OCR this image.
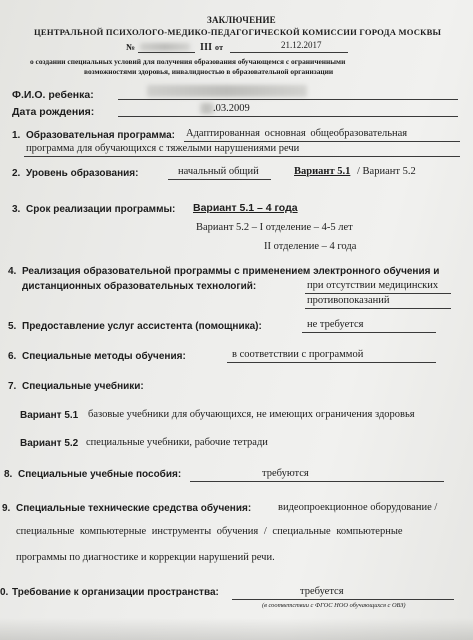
ЗАКЛЮЧЕНИЕ
ЦЕНТРАЛЬНОЙ ПСИХОЛОГО-МЕДИКО-ПЕДАГОГИЧЕСКОЙ КОМИССИИ ГОРОДА МОСКВЫ
№	III от	21.12.2017
о создании специальных условий для получения образования обучающемся с ограниченными
возможностями здоровья, инвалидностью в образовательной организации
Ф.И.О. ребенка:
Дата рождения:	.03.2009
1. Образовательная программа: Адаптированная основная общеобразовательная
программа для обучающихся с тяжелыми нарушениями речи
2. Уровень образования:	начальный общий	Вариант 5.1 / Вариант 5.2
3. Срок реализации программы: Вариант 5.1 – 4 года
Вариант 5.2 – I отделение – 4-5 лет
II отделение – 4 года
4. Реализация образовательной программы с применением электронного обучения и
дистанционных образовательных технологий:	при отсутствии медицинских
противопоказаний
5. Предоставление услуг ассистента (помощника):	не требуется
6. Специальные методы обучения:	в соответствии с программой
7. Специальные учебники:
Вариант 5.1 базовые учебники для обучающихся, не имеющих ограничения здоровья
Вариант 5.2 специальные учебники, рабочие тетради
8. Специальные учебные пособия:	требуются
9. Специальные технические средства обучения:	видеопроекционное оборудование /
специальные компьютерные инструменты обучения / специальные компьютерные
программы по диагностике и коррекции нарушений речи.
0. Требование к организации пространства:	требуется
(в соответствии с ФГОС НОО обучающихся с ОВЗ)
